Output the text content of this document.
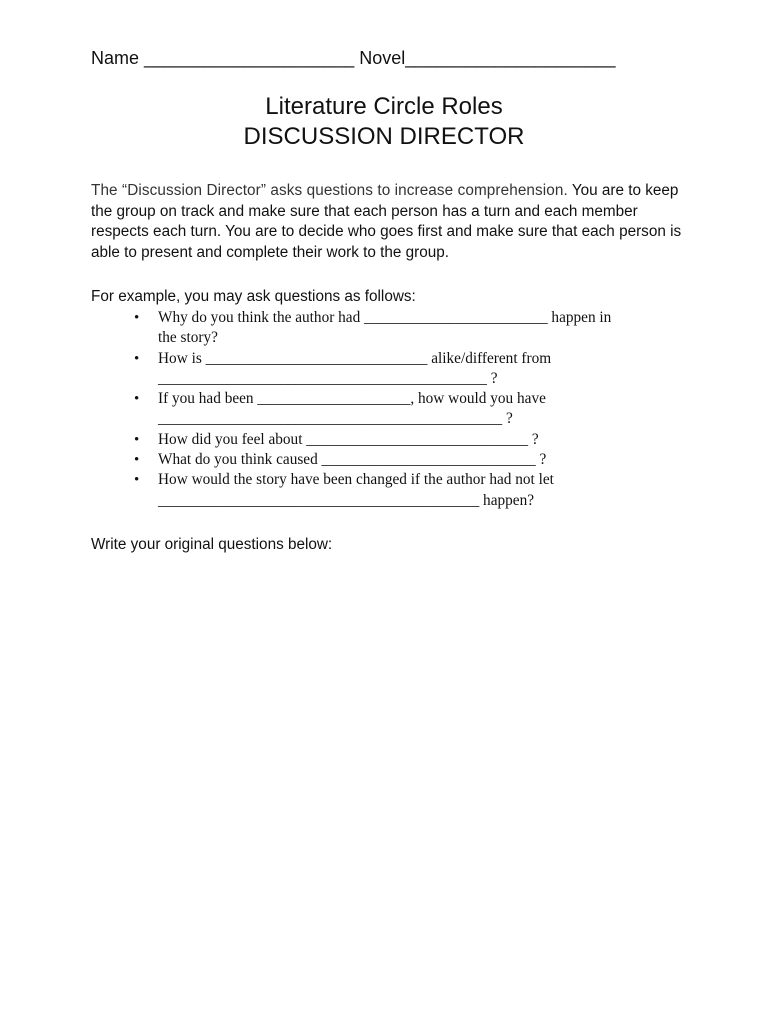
Name _____________________ Novel_____________________
Literature Circle Roles
DISCUSSION DIRECTOR
The “Discussion Director” asks questions to increase comprehension. You are to keep the group on track and make sure that each person has a turn and each member respects each turn. You are to decide who goes first and make sure that each person is able to present and complete their work to the group.
For example, you may ask questions as follows:
• Why do you think the author had ________________________ happen in
the story?
• How is _____________________________ alike/different from
___________________________________________ ?
• If you had been ____________________, how would you have
_____________________________________________ ?
• How did you feel about _____________________________ ?
• What do you think caused ____________________________ ?
• How would the story have been changed if the author had not let
__________________________________________ happen?
Write your original questions below:
